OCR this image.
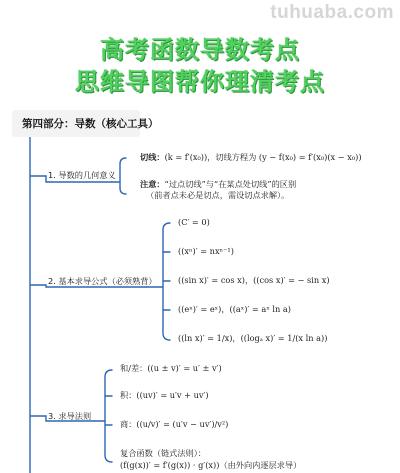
tuhuaba.com
高考函数导数考点
思维导图帮你理清考点
第四部分：导数（核心工具）
1. 导数的几何意义
切线：(k = f′(x₀))，切线方程为 (y − f(x₀) = f′(x₀)(x − x₀))
注意：“过点切线”与“在某点处切线”的区别
（前者点未必是切点，需设切点求解）。
2. 基本求导公式（必须熟背）
(C′ = 0)
((xⁿ)′ = nxⁿ⁻¹)
((sin x)′ = cos x)，((cos x)′ = − sin x)
((eˣ)′ = eˣ)，((aˣ)′ = aˣ ln a)
((ln x)′ = 1/x)，((logₐ x)′ = 1/(x ln a))
3. 求导法则
和/差：((u ± v)′ = u′ ± v′)
积：((uv)′ = u′v + uv′)
商：((u/v)′ = (u′v − uv′)/v²)
复合函数（链式法则）：
(f(g(x))′ = f′(g(x)) · g′(x))（由外向内逐层求导）
